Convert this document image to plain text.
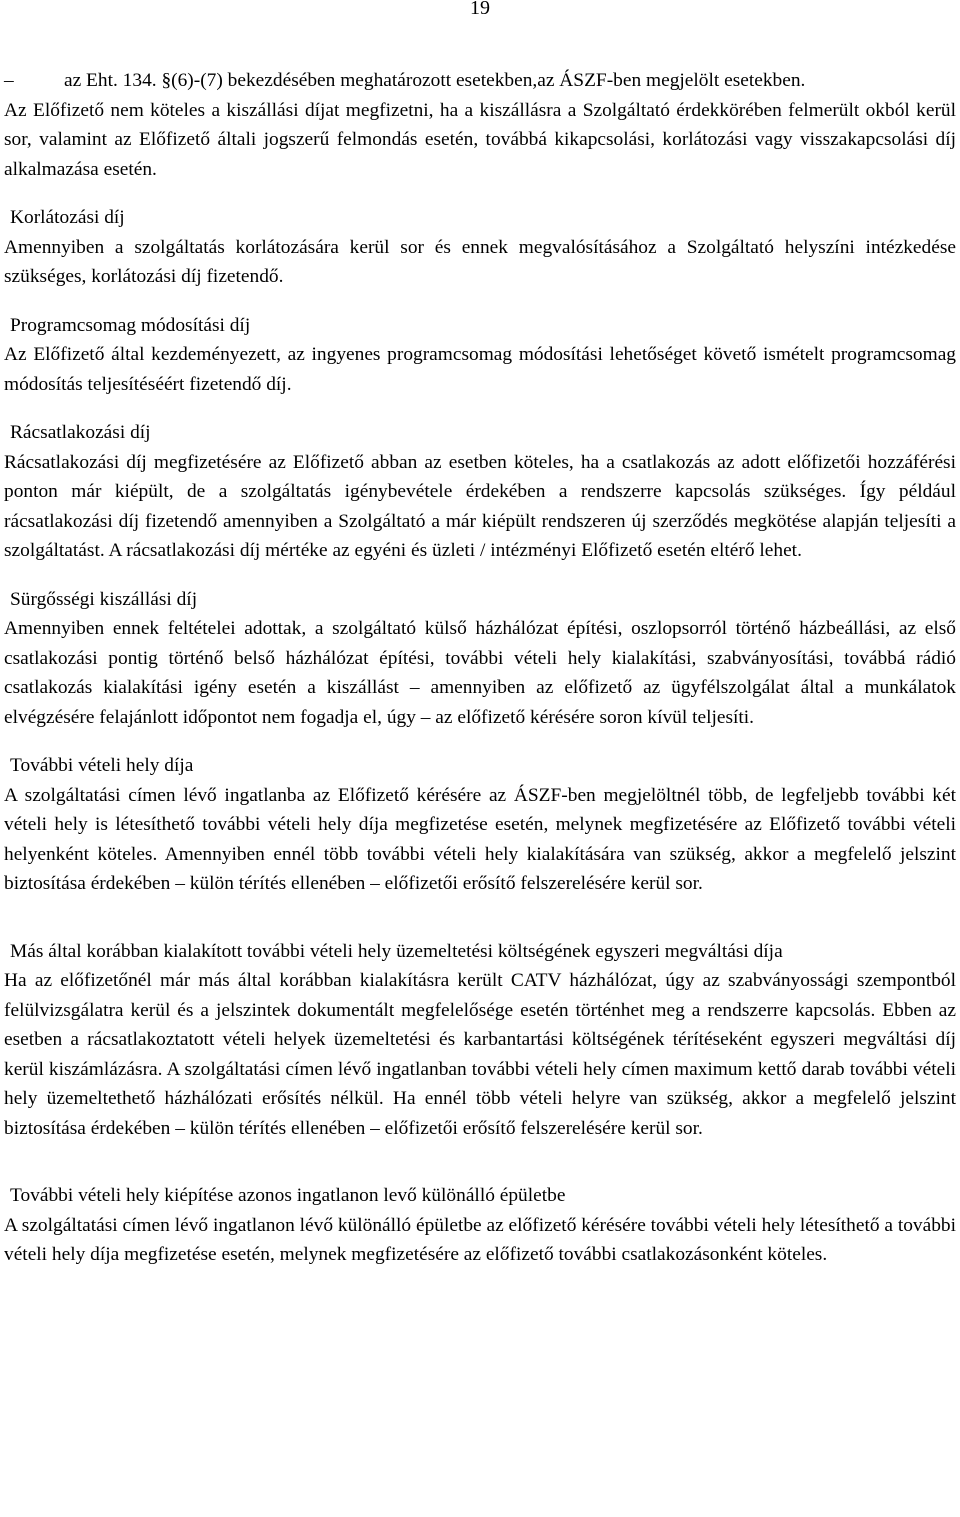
19

–	az Eht. 134. §(6)-(7) bekezdésében meghatározott esetekben,az ÁSZF-ben megjelölt esetekben.

Az Előfizető nem köteles a kiszállási díjat megfizetni, ha a kiszállásra a Szolgáltató érdekkörében felmerült okból kerül sor, valamint az Előfizető általi jogszerű felmondás esetén, továbbá kikapcsolási, korlátozási vagy visszakapcsolási díj alkalmazása esetén.

Korlátozási díj

Amennyiben a szolgáltatás korlátozására kerül sor és ennek megvalósításához a Szolgáltató helyszíni intézkedése szükséges, korlátozási díj fizetendő.

Programcsomag módosítási díj

Az Előfizető által kezdeményezett, az ingyenes programcsomag módosítási lehetőséget követő ismételt programcsomag módosítás teljesítéséért fizetendő díj.

Rácsatlakozási díj

Rácsatlakozási díj megfizetésére az Előfizető abban az esetben köteles, ha a csatlakozás az adott előfizetői hozzáférési ponton már kiépült, de a szolgáltatás igénybevétele érdekében a rendszerre kapcsolás szükséges. Így például rácsatlakozási díj fizetendő amennyiben a Szolgáltató a már kiépült rendszeren új szerződés megkötése alapján teljesíti a szolgáltatást. A rácsatlakozási díj mértéke az egyéni és üzleti / intézményi Előfizető esetén eltérő lehet.

Sürgősségi kiszállási díj

Amennyiben ennek feltételei adottak, a szolgáltató külső házhálózat építési, oszlopsorról történő házbeállási, az első csatlakozási pontig történő belső házhálózat építési, további vételi hely kialakítási, szabványosítási, továbbá rádió csatlakozás kialakítási igény esetén a kiszállást – amennyiben az előfizető az ügyfélszolgálat által a munkálatok elvégzésére felajánlott időpontot nem fogadja el, úgy – az előfizető kérésére soron kívül teljesíti.

További vételi hely díja

A szolgáltatási címen lévő ingatlanba az Előfizető kérésére az ÁSZF-ben megjelöltnél több, de legfeljebb további két vételi hely is létesíthető további vételi hely díja megfizetése esetén, melynek megfizetésére az Előfizető további vételi helyenként köteles. Amennyiben ennél több további vételi hely kialakítására van szükség, akkor a megfelelő jelszint biztosítása érdekében – külön térítés ellenében – előfizetői erősítő felszerelésére kerül sor.

Más által korábban kialakított további vételi hely üzemeltetési költségének egyszeri megváltási díja

Ha az előfizetőnél már más által korábban kialakításra került CATV házhálózat, úgy az szabványossági szempontból felülvizsgálatra kerül és a jelszintek dokumentált megfelelősége esetén történhet meg a rendszerre kapcsolás. Ebben az esetben a rácsatlakoztatott vételi helyek üzemeltetési és karbantartási költségének térítéseként egyszeri megváltási díj kerül kiszámlázásra. A szolgáltatási címen lévő ingatlanban további vételi hely címen maximum kettő darab további vételi hely üzemeltethető házhálózati erősítés nélkül. Ha ennél több vételi helyre van szükség, akkor a megfelelő jelszint biztosítása érdekében – külön térítés ellenében – előfizetői erősítő felszerelésére kerül sor.

További vételi hely kiépítése azonos ingatlanon levő különálló épületbe

A szolgáltatási címen lévő ingatlanon lévő különálló épületbe az előfizető kérésére további vételi hely létesíthető a további vételi hely díja megfizetése esetén, melynek megfizetésére az előfizető további csatlakozásonként köteles.
